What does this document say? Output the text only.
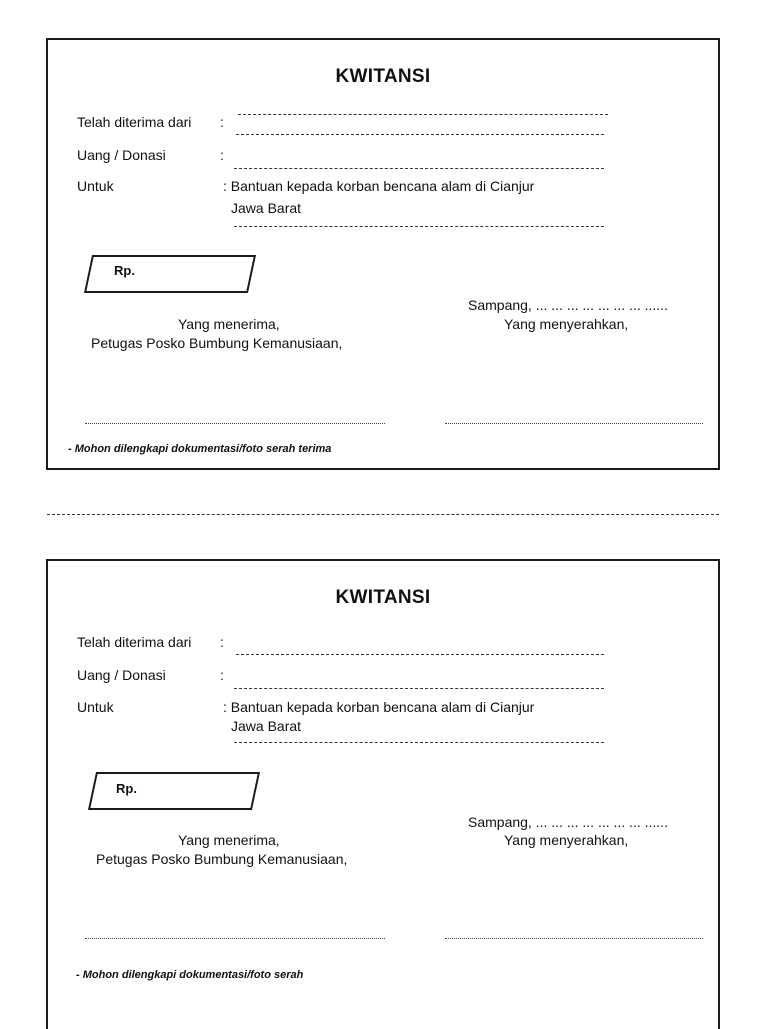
KWITANSI
Telah diterima dari :
Uang / Donasi	:
Untuk	: Bantuan kepada korban bencana alam di Cianjur
Jawa Barat
Rp.
Sampang, ... ... ... ... ... ... ... ......
Yang menerima,
Petugas Posko Bumbung Kemanusiaan,
Yang menyerahkan,
- Mohon dilengkapi dokumentasi/foto serah terima
KWITANSI
Telah diterima dari :
Uang / Donasi	:
Untuk	: Bantuan kepada korban bencana alam di Cianjur
Jawa Barat
Rp.
Sampang, ... ... ... ... ... ... ... ......
Yang menerima,
Petugas Posko Bumbung Kemanusiaan,
Yang menyerahkan,
- Mohon dilengkapi dokumentasi/foto serah
